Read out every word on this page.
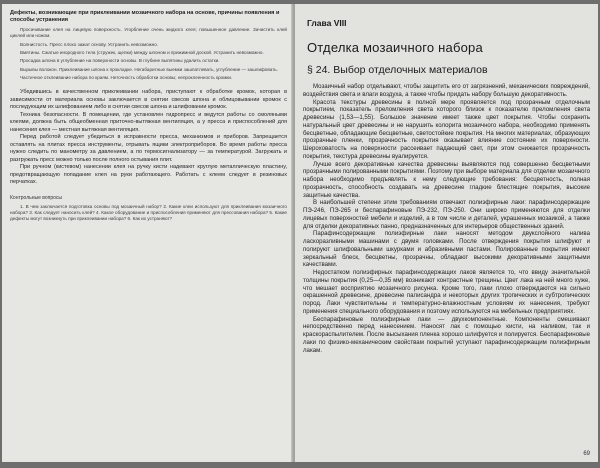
Дефекты, возникающие при приклеивании мозаичного набора на основе, причины появления и способы устранения

Просачивание клея на лицевую поверхность. Угорбление очень жидкого клея; повышенное давление. Зачистить клей циклей или ножом.

Волнистость. Пресс плохо зажат основу. Устранить невозможно.

Вмятины. Сжатые инородного тела (стружек, щепки) между шпоном и прижимной доской. Устранить невозможно.

Просадкa шпона в углубление на поверхности основы. В глубине выпятины удалить остатки.

Вырывы волокон. Приклеивание шпона к прокладке. Негабаритные выемки зашпатлевать, углубление — зашлифовать.

Частичное отклеивание набора по краям. Неточность обработки основы; непроклеенность кромки.

Убедившись в качественном приклеивании набора, приступают к обработке кромок, которая в зависимости от материала основы заключается в снятии свесов шпона и облицовывании кромок с последующим их шлифованием либо в снятии свесов шпона и шлифовании кромок.

Техника безопасности. В помещении, где установлен гидропресс и ведутся работы со смоляными клеями, должна быть общеобменная приточно-вытяжная вентиляция, а у пресса и приспособлений для нанесения клея — местная вытяжная вентиляция.

Перед работой следует убедиться в исправности пресса, механизмов и приборов. Запрещается оставлять на плитах пресса инструменты, отрывать ящики электроприборов. Во время работы пресса нужно следить по манометру за давлением, а по термосигнализатору — за температурой. Загружать и разгружать пресс можно только после полного остывания плит.

При ручном (кистевом) нанесении клея на ручку кисти надевают круглую металлическую пластину, предотвращающую попадание клея на руки работающего. Работать с клеем следует в резиновых перчатках.

Контрольные вопросы

1. В чем заключается подготовка основы под мозаичный набор? 2. Какие клеи используют для приклеивания мозаичного набора? 3. Как следует наносить клей? 4. Какое оборудование и приспособления применяют для прессования набора? 5. Какие дефекты могут возникнуть при приклеивании набора? 6. Как их устраняют?

Глава VIII
Отделка мозаичного набора
§ 24. Выбор отделочных материалов

Мозаичный набор отделывают, чтобы защитить его от загрязнений, механических повреждений, воздействия света и влаги воздуха, а также чтобы придать набору большую декоративность.

Красота текстуры древесины в полной мере проявляется под прозрачным отделочным покрытием, показатель преломления света которого близок к показателю преломления света древесины (1,53—1,55). Большое значение имеет также цвет покрытия. Чтобы сохранить натуральный цвет древесины и не нарушить колорита мозаичного набора, необходимо применять бесцветные, обладающие бесцветные, светостойкие покрытия. На многих материалах, образующих прозрачные пленки, прозрачность покрытия оказывает влияние состояние их поверхности. Шероховатость на поверхности рассеивает падающий свет, при этом снижается прозрачность покрытия, текстура древесины вуалируется.

Лучше всего декоративные качества древесины выявляются под совершенно бесцветными прозрачными полированными покрытиями. Поэтому при выборе материала для отделки мозаичного набора необходимо предъявлять к нему следующие требования: бесцветность, полная прозрачность, способность создавать на древесине гладкие блестящие покрытия, высокие защитные качества.

В наибольшей степени этим требованиям отвечают полиэфирные лаки: парафинсодержащие ПЭ-246, ПЭ-265 и беспарафиновые ПЭ-232, ПЭ-250. Они широко применяются для отделки лицевых поверхностей мебели и изделий, а в том числе и деталей, украшенных мозаикой, а также для отделки декоративных панно, предназначенных для интерьеров общественных зданий.

Парафинсодержащие полиэфирные лаки наносят методом двукслойного налива ласкоразливными машинами с двумя головками. После отверждения покрытия шлифуют и полируют шлифовальными шкурками и абразивными пастами. Полированные покрытия имеют зеркальный блеск, бесцветны, прозрачны, обладают высокими декоративными защитными качествами.

Недостатком полиэфирных парафинсодержащих лаков является то, что ввиду значительной толщины покрытия (0,25—0,35 мм) возникают контрастные трещины. Цвет лака на ней много хуже, что мешает восприятию мозаичного рисунка. Кроме того, лаки плохо отверждаются на сильно окрашенной древесине, древесине палисандра и некоторых других тропических и субтропических пород. Лаки чувствительны и температурно-влажностным условиям их нанесения, требуют применения специального оборудования и поэтому используются на мебельных предприятиях.

Беспарафиновые полиэфирные лаки — двухкомпонентные. Компоненты смешивают непосредственно перед нанесением. Наносят лак с помощью кисти, на наливом, так и краскораспылителем. После высыхания пленка хорошо шлифуется и полируется. Беспарафиновые лаки по физико-механическим свойствам покрытий уступают парафинсодержащим полиэфирным лакам.

69
